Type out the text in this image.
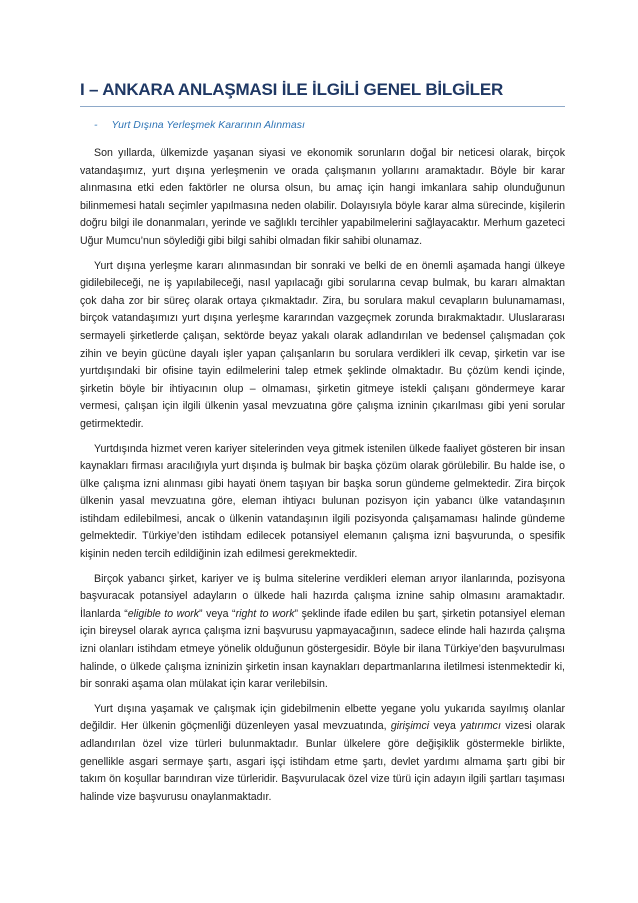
I – ANKARA ANLAŞMASI İLE İLGİLİ GENEL BİLGİLER
- Yurt Dışına Yerleşmek Kararının Alınması

Son yıllarda, ülkemizde yaşanan siyasi ve ekonomik sorunların doğal bir neticesi olarak, birçok vatandaşımız, yurt dışına yerleşmenin ve orada çalışmanın yollarını aramaktadır. Böyle bir karar alınmasına etki eden faktörler ne olursa olsun, bu amaç için hangi imkanlara sahip olunduğunun bilinmemesi hatalı seçimler yapılmasına neden olabilir. Dolayısıyla böyle karar alma sürecinde, kişilerin doğru bilgi ile donanmaları, yerinde ve sağlıklı tercihler yapabilmelerini sağlayacaktır. Merhum gazeteci Uğur Mumcu’nun söylediği gibi bilgi sahibi olmadan fikir sahibi olunamaz.

Yurt dışına yerleşme kararı alınmasından bir sonraki ve belki de en önemli aşamada hangi ülkeye gidilebileceği, ne iş yapılabileceği, nasıl yapılacağı gibi sorularına cevap bulmak, bu kararı almaktan çok daha zor bir süreç olarak ortaya çıkmaktadır. Zira, bu sorulara makul cevapların bulunamaması, birçok vatandaşımızı yurt dışına yerleşme kararından vazgeçmek zorunda bırakmaktadır. Uluslararası sermayeli şirketlerde çalışan, sektörde beyaz yakalı olarak adlandırılan ve bedensel çalışmadan çok zihin ve beyin gücüne dayalı işler yapan çalışanların bu sorulara verdikleri ilk cevap, şirketin var ise yurtdışındaki bir ofisine tayin edilmelerini talep etmek şeklinde olmaktadır. Bu çözüm kendi içinde, şirketin böyle bir ihtiyacının olup – olmaması, şirketin gitmeye istekli çalışanı göndermeye karar vermesi, çalışan için ilgili ülkenin yasal mevzuatına göre çalışma izninin çıkarılması gibi yeni sorular getirmektedir.

Yurtdışında hizmet veren kariyer sitelerinden veya gitmek istenilen ülkede faaliyet gösteren bir insan kaynakları firması aracılığıyla yurt dışında iş bulmak bir başka çözüm olarak görülebilir. Bu halde ise, o ülke çalışma izni alınması gibi hayati önem taşıyan bir başka sorun gündeme gelmektedir. Zira birçok ülkenin yasal mevzuatına göre, eleman ihtiyacı bulunan pozisyon için yabancı ülke vatandaşının istihdam edilebilmesi, ancak o ülkenin vatandaşının ilgili pozisyonda çalışamaması halinde gündeme gelmektedir. Türkiye’den istihdam edilecek potansiyel elemanın çalışma izni başvurunda, o spesifik kişinin neden tercih edildiğinin izah edilmesi gerekmektedir.

Birçok yabancı şirket, kariyer ve iş bulma sitelerine verdikleri eleman arıyor ilanlarında, pozisyona başvuracak potansiyel adayların o ülkede hali hazırda çalışma iznine sahip olmasını aramaktadır. İlanlarda “eligible to work” veya “right to work” şeklinde ifade edilen bu şart, şirketin potansiyel eleman için bireysel olarak ayrıca çalışma izni başvurusu yapmayacağının, sadece elinde hali hazırda çalışma izni olanları istihdam etmeye yönelik olduğunun göstergesidir. Böyle bir ilana Türkiye’den başvurulması halinde, o ülkede çalışma izninizin şirketin insan kaynakları departmanlarına iletilmesi istenmektedir ki, bir sonraki aşama olan mülakat için karar verilebilsin.

Yurt dışına yaşamak ve çalışmak için gidebilmenin elbette yegane yolu yukarıda sayılmış olanlar değildir. Her ülkenin göçmenliği düzenleyen yasal mevzuatında, girişimci veya yatırımcı vizesi olarak adlandırılan özel vize türleri bulunmaktadır. Bunlar ülkelere göre değişiklik göstermekle birlikte, genellikle asgari sermaye şartı, asgari işçi istihdam etme şartı, devlet yardımı almama şartı gibi bir takım ön koşullar barındıran vize türleridir. Başvurulacak özel vize türü için adayın ilgili şartları taşıması halinde vize başvurusu onaylanmaktadır.
